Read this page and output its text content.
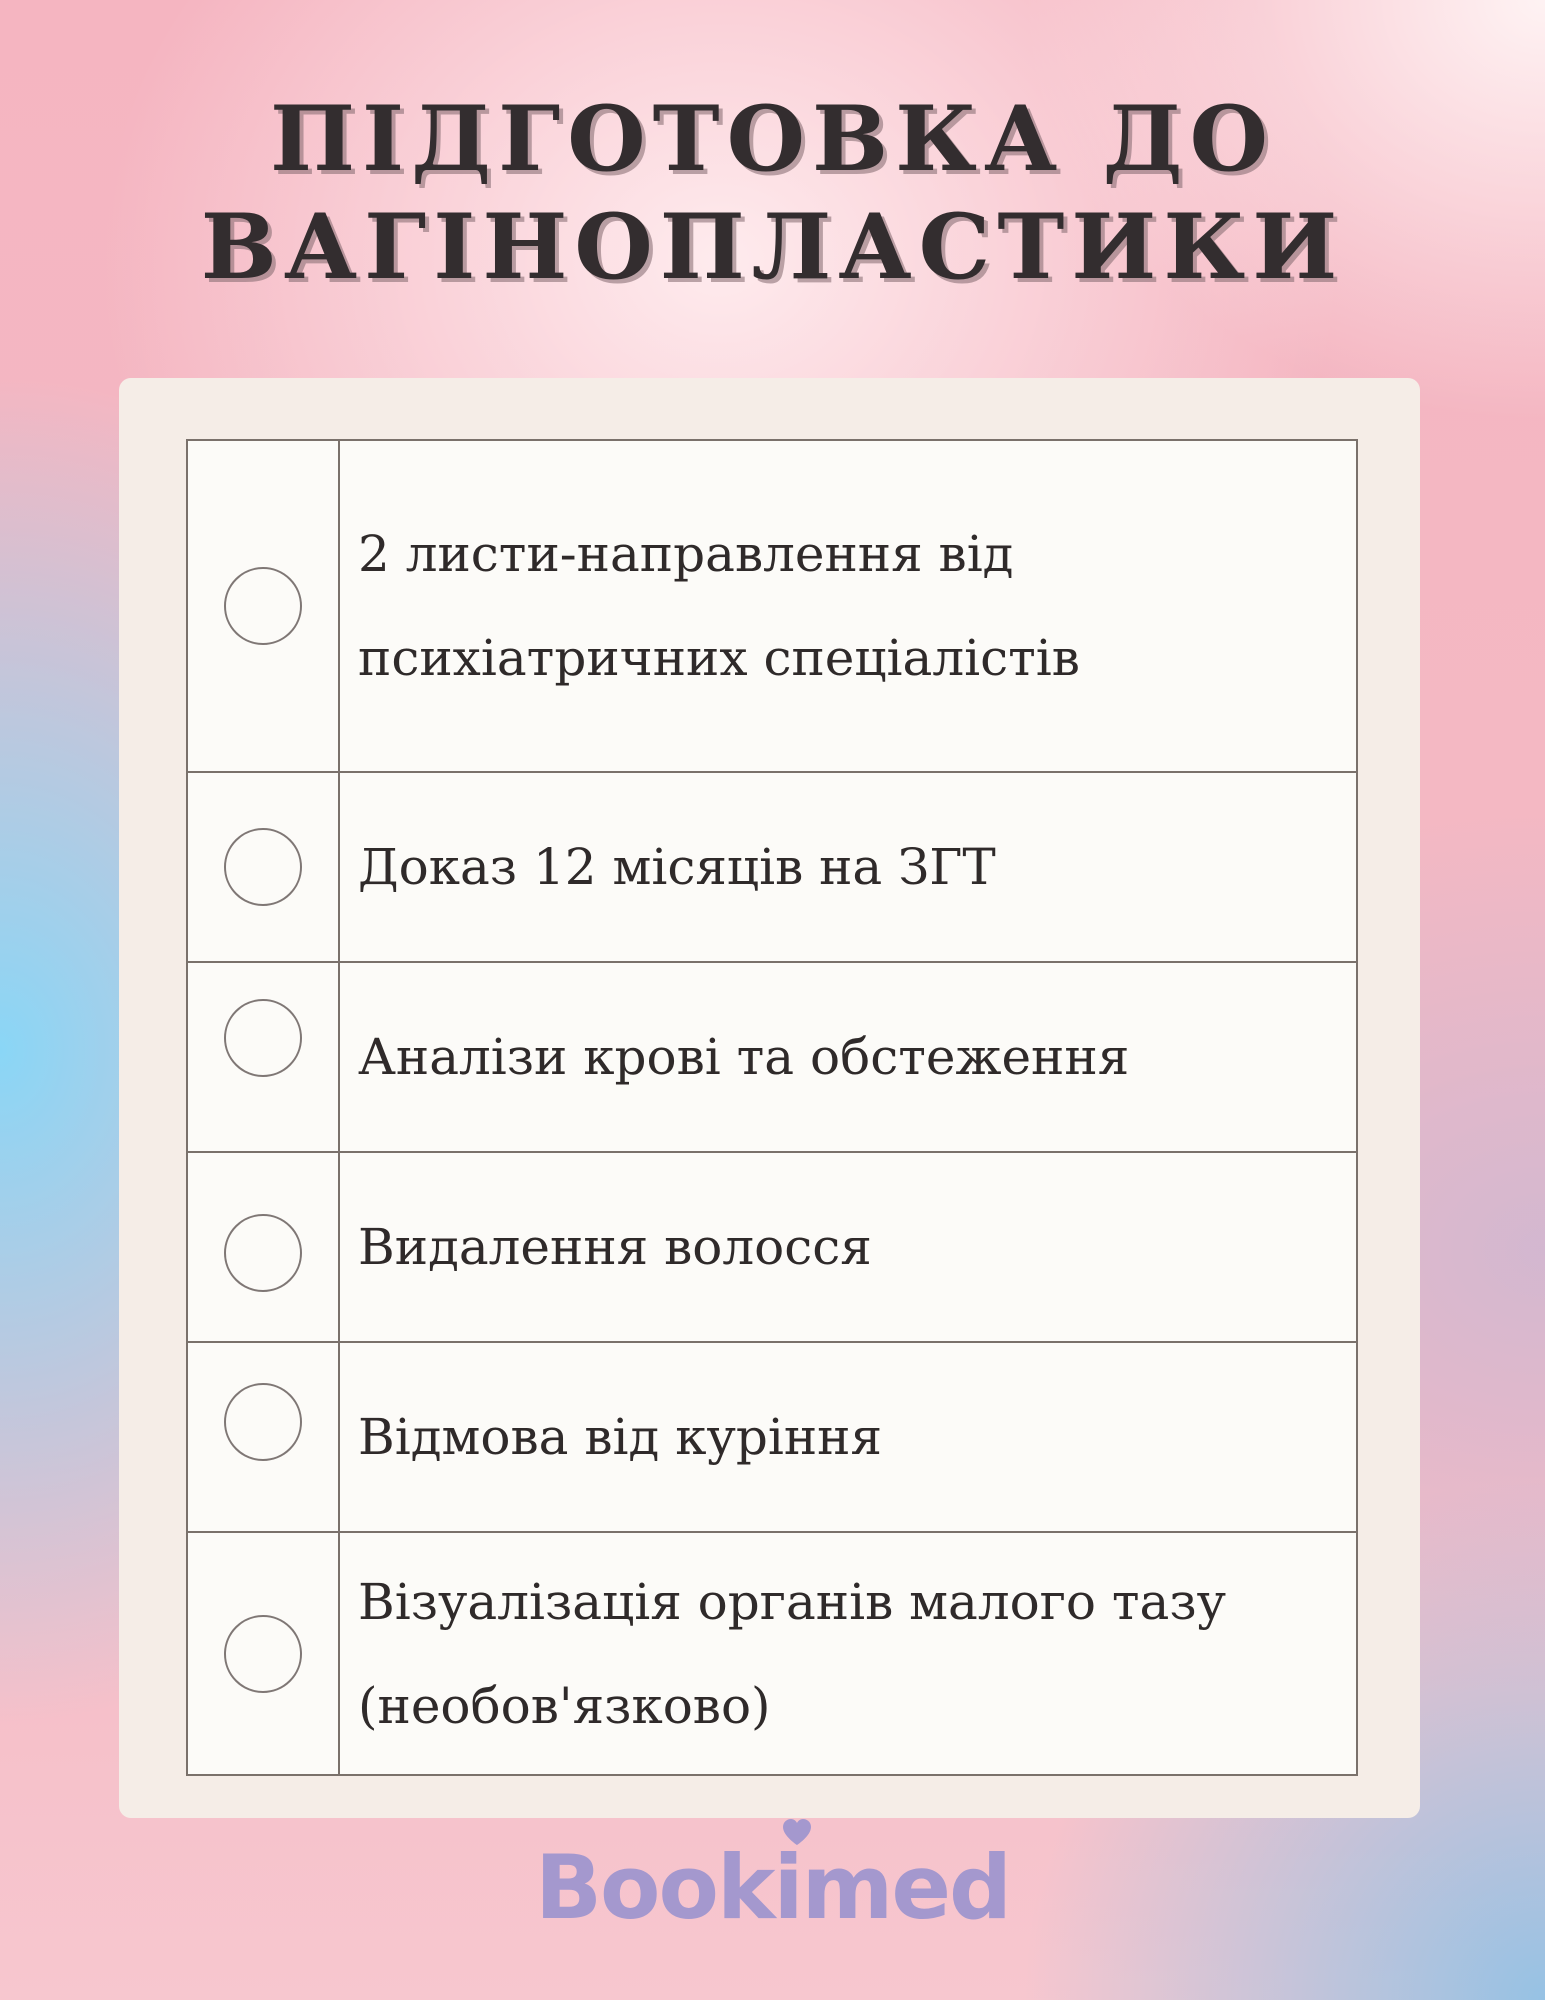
ПІДГОТОВКА ДО
ВАГІНОПЛАСТИКИ

	2 листи-направлення від
психіатричних спеціалістів

	Доказ 12 місяців на ЗГТ

	Аналізи крові та обстеження

	Видалення волосся

	Відмова від куріння

	Візуалізація органів малого тазу
(необов'язково)
Bookimed
